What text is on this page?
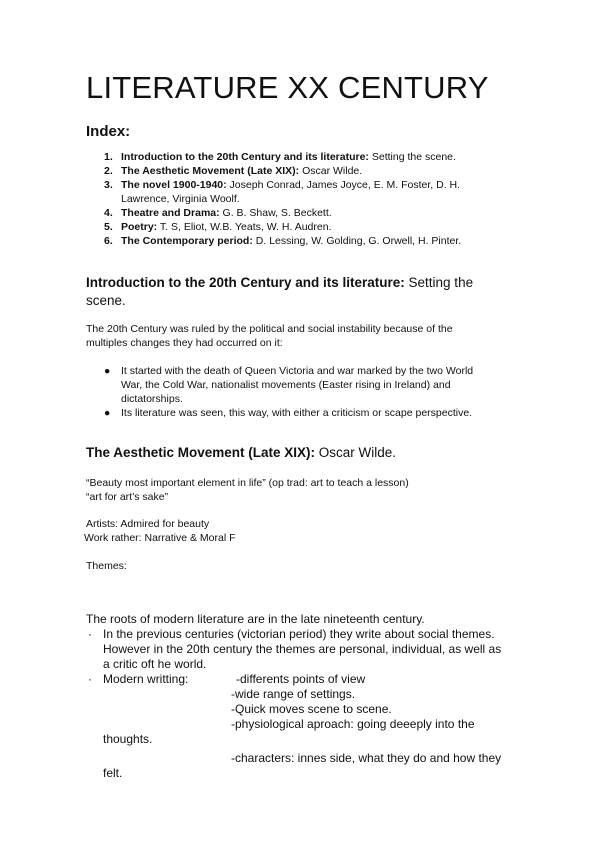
LITERATURE XX CENTURY
Index:
1. Introduction to the 20th Century and its literature: Setting the scene.
2. The Aesthetic Movement (Late XIX): Oscar Wilde.
3. The novel 1900-1940: Joseph Conrad, James Joyce, E. M. Foster, D. H. Lawrence, Virginia Woolf.
4. Theatre and Drama: G. B. Shaw, S. Beckett.
5. Poetry: T. S, Eliot, W.B. Yeats, W. H. Audren.
6. The Contemporary period: D. Lessing, W. Golding, G. Orwell, H. Pinter.
Introduction to the 20th Century and its literature: Setting the scene.

The 20th Century was ruled by the political and social instability because of the multiples changes they had occurred on it:

● It started with the death of Queen Victoria and war marked by the two World War, the Cold War, nationalist movements (Easter rising in Ireland) and dictatorships.
● Its literature was seen, this way, with either a criticism or scape perspective.
The Aesthetic Movement (Late XIX): Oscar Wilde.

“Beauty most important element in life” (op trad: art to teach a lesson)

“art for art’s sake”

Artists: Admired for beauty

Work rather: Narrative & Moral F

Themes:

The roots of modern literature are in the late nineteenth century.
· In the previous centuries (victorian period) they write about social themes. However in the 20th century the themes are personal, individual, as well as a critic oft he world.
· Modern writting:	-differents points of view
-wide range of settings.
-Quick moves scene to scene.
-physiological aproach: going deeeply into the
thoughts.
-characters: innes side, what they do and how they
felt.
